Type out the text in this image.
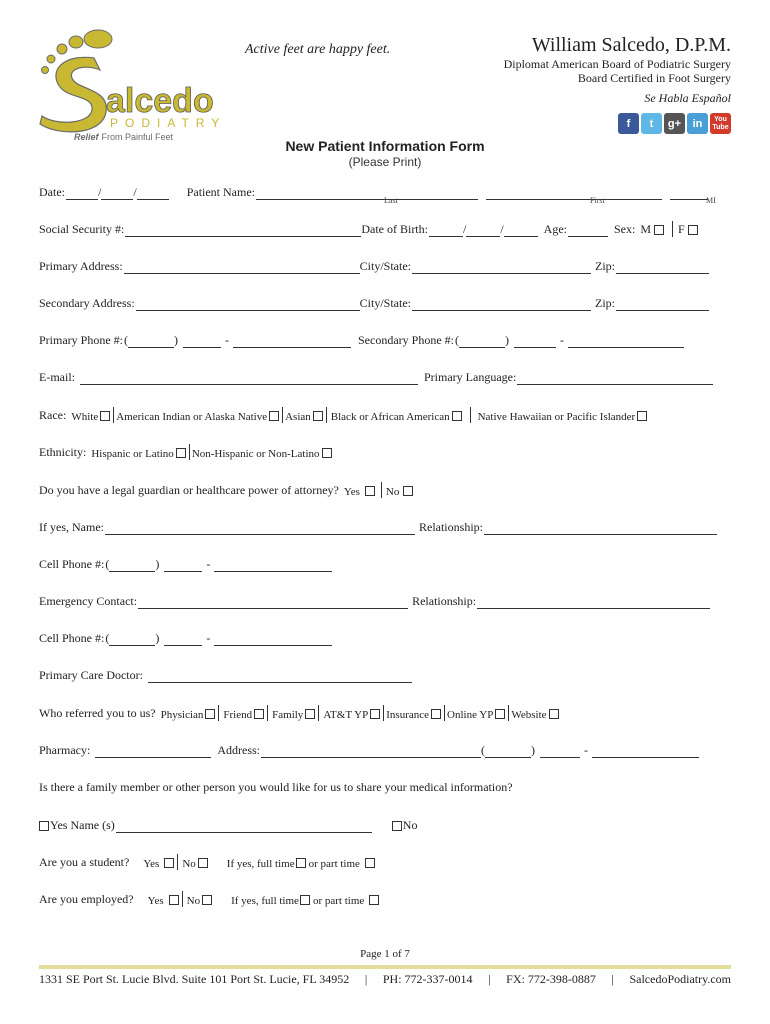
alcedo
PODIATRY
Relief From Painful Feet
Active feet are happy feet.	William Salcedo, D.P.M.
Diplomat American Board of Podiatric Surgery
Board Certified in Foot Surgery
Se Habla Español
f t g+ in	You Tube
New Patient Information Form
(Please Print)
Date:	/	/	Patient Name:
Last	First	MI
Social Security #:	Date of Birth:	/	/	Age:	Sex: M F
Primary Address:	City/State:	Zip:
Secondary Address:	City/State:	Zip:
Primary Phone #: (	)	-	Secondary Phone #: (	)	-
E-mail:	Primary Language:
Race: White American Indian or Alaska Native Asian Black or African American	Native Hawaiian or Pacific Islander
Ethnicity: Hispanic or Latino Non-Hispanic or Non-Latino
Do you have a legal guardian or healthcare power of attorney? Yes No
If yes, Name:	Relationship:
Cell Phone #: (	)	-
Emergency Contact:	Relationship:
Cell Phone #: (	)	-
Primary Care Doctor:
Who referred you to us? Physician Friend Family AT&T YP Insurance Online YP Website
Pharmacy:	Address:	(	)	-
Is there a family member or other person you would like for us to share your medical information?
Yes Name (s)	No
Are you a student? Yes No	If yes, full time or part time
Are you employed? Yes No	If yes, full time or part time
Page 1 of 7
1331 SE Port St. Lucie Blvd. Suite 101 Port St. Lucie, FL 34952 | PH: 772-337-0014 | FX: 772-398-0887 | SalcedoPodiatry.com
